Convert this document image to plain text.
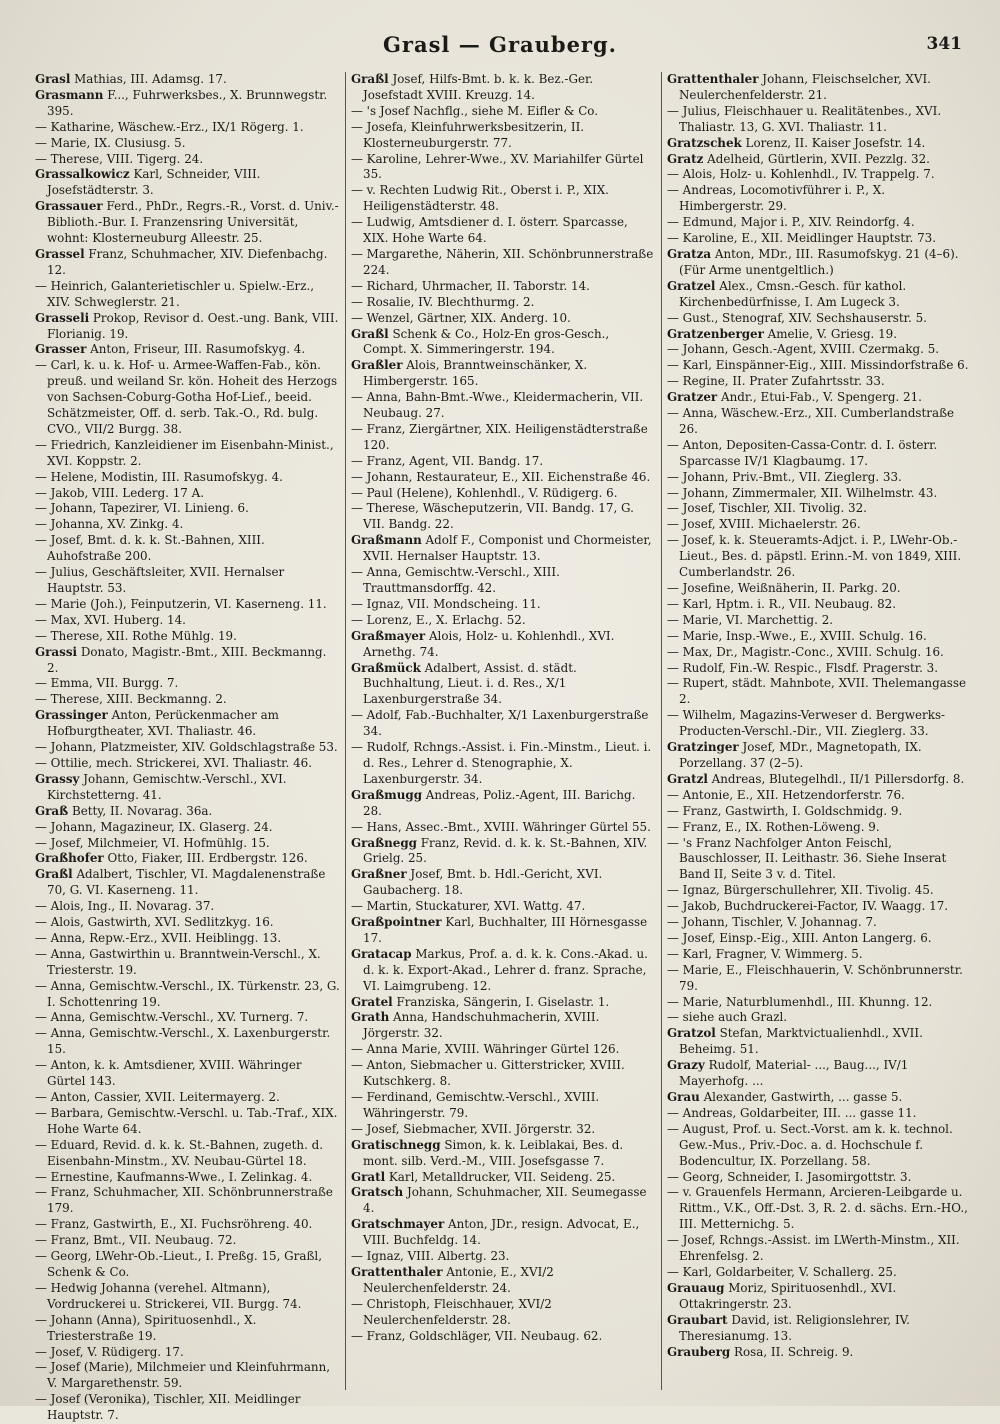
Grasl — Grauberg.	341

Grasl Mathias, III. Adamsg. 17.

Grasmann F..., Fuhrwerksbes., X. Brunnwegstr. 395.

— Katharine, Wäschew.-Erz., IX/1 Rögerg. 1.

— Marie, IX. Clusiusg. 5.

— Therese, VIII. Tigerg. 24.

Grassalkowicz Karl, Schneider, VIII. Josefstädterstr. 3.

Grassauer Ferd., PhDr., Regrs.-R., Vorst. d. Univ.-Biblioth.-Bur. I. Franzensring Universität, wohnt: Klosterneuburg Alleestr. 25.

Grassel Franz, Schuhmacher, XIV. Diefenbachg. 12.

— Heinrich, Galanterietischler u. Spielw.-Erz., XIV. Schweglerstr. 21.

Grasseli Prokop, Revisor d. Oest.-ung. Bank, VIII. Florianig. 19.

Grasser Anton, Friseur, III. Rasumofskyg. 4.

— Carl, k. u. k. Hof- u. Armee-Waffen-Fab., kön. preuß. und weiland Sr. kön. Hoheit des Herzogs von Sachsen-Coburg-Gotha Hof-Lief., beeid. Schätzmeister, Off. d. serb. Tak.-O., Rd. bulg. CVO., VII/2 Burgg. 38.

— Friedrich, Kanzleidiener im Eisenbahn-Minist., XVI. Koppstr. 2.

— Helene, Modistin, III. Rasumofskyg. 4.

— Jakob, VIII. Lederg. 17 A.

— Johann, Tapezirer, VI. Linieng. 6.

— Johanna, XV. Zinkg. 4.

— Josef, Bmt. d. k. k. St.-Bahnen, XIII. Auhofstraße 200.

— Julius, Geschäftsleiter, XVII. Hernalser Hauptstr. 53.

— Marie (Joh.), Feinputzerin, VI. Kaserneng. 11.

— Max, XVI. Huberg. 14.

— Therese, XII. Rothe Mühlg. 19.

Grassi Donato, Magistr.-Bmt., XIII. Beckmanng. 2.

— Emma, VII. Burgg. 7.

— Therese, XIII. Beckmanng. 2.

Grassinger Anton, Perückenmacher am Hofburgtheater, XVI. Thaliastr. 46.

— Johann, Platzmeister, XIV. Goldschlagstraße 53.

— Ottilie, mech. Strickerei, XVI. Thaliastr. 46.

Grassy Johann, Gemischtw.-Verschl., XVI. Kirchstetterng. 41.

Graß Betty, II. Novarag. 36a.

— Johann, Magazineur, IX. Glaserg. 24.

— Josef, Milchmeier, VI. Hofmühlg. 15.

Graßhofer Otto, Fiaker, III. Erdbergstr. 126.

Graßl Adalbert, Tischler, VI. Magdalenenstraße 70, G. VI. Kaserneng. 11.

— Alois, Ing., II. Novarag. 37.

— Alois, Gastwirth, XVI. Sedlitzkyg. 16.

— Anna, Repw.-Erz., XVII. Heiblingg. 13.

— Anna, Gastwirthin u. Branntwein-Verschl., X. Triesterstr. 19.

— Anna, Gemischtw.-Verschl., IX. Türkenstr. 23, G. I. Schottenring 19.

— Anna, Gemischtw.-Verschl., XV. Turnerg. 7.

— Anna, Gemischtw.-Verschl., X. Laxenburgerstr. 15.

— Anton, k. k. Amtsdiener, XVIII. Währinger Gürtel 143.

— Anton, Cassier, XVII. Leitermayerg. 2.

— Barbara, Gemischtw.-Verschl. u. Tab.-Traf., XIX. Hohe Warte 64.

— Eduard, Revid. d. k. k. St.-Bahnen, zugeth. d. Eisenbahn-Minstm., XV. Neubau-Gürtel 18.

— Ernestine, Kaufmanns-Wwe., I. Zelinkag. 4.

— Franz, Schuhmacher, XII. Schönbrunnerstraße 179.

— Franz, Gastwirth, E., XI. Fuchsröhreng. 40.

— Franz, Bmt., VII. Neubaug. 72.

— Georg, LWehr-Ob.-Lieut., I. Preßg. 15, Graßl, Schenk & Co.

— Hedwig Johanna (verehel. Altmann), Vordruckerei u. Strickerei, VII. Burgg. 74.

— Johann (Anna), Spirituosenhdl., X. Triesterstraße 19.

— Josef, V. Rüdigerg. 17.

— Josef (Marie), Milchmeier und Kleinfuhrmann, V. Margarethenstr. 59.

— Josef (Veronika), Tischler, XII. Meidlinger Hauptstr. 7.

Graßl Josef, Hilfs-Bmt. b. k. k. Bez.-Ger. Josefstadt XVIII. Kreuzg. 14.

— 's Josef Nachflg., siehe M. Eifler & Co.

— Josefa, Kleinfuhrwerksbesitzerin, II. Klosterneuburgerstr. 77.

— Karoline, Lehrer-Wwe., XV. Mariahilfer Gürtel 35.

— v. Rechten Ludwig Rit., Oberst i. P., XIX. Heiligenstädterstr. 48.

— Ludwig, Amtsdiener d. I. österr. Sparcasse, XIX. Hohe Warte 64.

— Margarethe, Näherin, XII. Schönbrunnerstraße 224.

— Richard, Uhrmacher, II. Taborstr. 14.

— Rosalie, IV. Blechthurmg. 2.

— Wenzel, Gärtner, XIX. Anderg. 10.

Graßl Schenk & Co., Holz-En gros-Gesch., Compt. X. Simmeringerstr. 194.

Graßler Alois, Branntweinschänker, X. Himbergerstr. 165.

— Anna, Bahn-Bmt.-Wwe., Kleidermacherin, VII. Neubaug. 27.

— Franz, Ziergärtner, XIX. Heiligenstädterstraße 120.

— Franz, Agent, VII. Bandg. 17.

— Johann, Restaurateur, E., XII. Eichenstraße 46.

— Paul (Helene), Kohlenhdl., V. Rüdigerg. 6.

— Therese, Wäscheputzerin, VII. Bandg. 17, G. VII. Bandg. 22.

Graßmann Adolf F., Componist und Chormeister, XVII. Hernalser Hauptstr. 13.

— Anna, Gemischtw.-Verschl., XIII. Trauttmansdorffg. 42.

— Ignaz, VII. Mondscheing. 11.

— Lorenz, E., X. Erlachg. 52.

Graßmayer Alois, Holz- u. Kohlenhdl., XVI. Arnethg. 74.

Graßmück Adalbert, Assist. d. städt. Buchhaltung, Lieut. i. d. Res., X/1 Laxenburgerstraße 34.

— Adolf, Fab.-Buchhalter, X/1 Laxenburgerstraße 34.

— Rudolf, Rchngs.-Assist. i. Fin.-Minstm., Lieut. i. d. Res., Lehrer d. Stenographie, X. Laxenburgerstr. 34.

Graßmugg Andreas, Poliz.-Agent, III. Barichg. 28.

— Hans, Assec.-Bmt., XVIII. Währinger Gürtel 55.

Graßnegg Franz, Revid. d. k. k. St.-Bahnen, XIV. Grielg. 25.

Graßner Josef, Bmt. b. Hdl.-Gericht, XVI. Gaubacherg. 18.

— Martin, Stuckaturer, XVI. Wattg. 47.

Graßpointner Karl, Buchhalter, III Hörnesgasse 17.

Gratacap Markus, Prof. a. d. k. k. Cons.-Akad. u. d. k. k. Export-Akad., Lehrer d. franz. Sprache, VI. Laimgrubeng. 12.

Gratel Franziska, Sängerin, I. Giselastr. 1.

Grath Anna, Handschuhmacherin, XVIII. Jörgerstr. 32.

— Anna Marie, XVIII. Währinger Gürtel 126.

— Anton, Siebmacher u. Gitterstricker, XVIII. Kutschkerg. 8.

— Ferdinand, Gemischtw.-Verschl., XVIII. Währingerstr. 79.

— Josef, Siebmacher, XVII. Jörgerstr. 32.

Gratischnegg Simon, k. k. Leiblakai, Bes. d. mont. silb. Verd.-M., VIII. Josefsgasse 7.

Gratl Karl, Metalldrucker, VII. Seideng. 25.

Gratsch Johann, Schuhmacher, XII. Seumegasse 4.

Gratschmayer Anton, JDr., resign. Advocat, E., VIII. Buchfeldg. 14.

— Ignaz, VIII. Albertg. 23.

Grattenthaler Antonie, E., XVI/2 Neulerchenfelderstr. 24.

— Christoph, Fleischhauer, XVI/2 Neulerchenfelderstr. 28.

— Franz, Goldschläger, VII. Neubaug. 62.

Grattenthaler Johann, Fleischselcher, XVI. Neulerchenfelderstr. 21.

— Julius, Fleischhauer u. Realitätenbes., XVI. Thaliastr. 13, G. XVI. Thaliastr. 11.

Gratzschek Lorenz, II. Kaiser Josefstr. 14.

Gratz Adelheid, Gürtlerin, XVII. Pezzlg. 32.

— Alois, Holz- u. Kohlenhdl., IV. Trappelg. 7.

— Andreas, Locomotivführer i. P., X. Himbergerstr. 29.

— Edmund, Major i. P., XIV. Reindorfg. 4.

— Karoline, E., XII. Meidlinger Hauptstr. 73.

Gratza Anton, MDr., III. Rasumofskyg. 21 (4–6). (Für Arme unentgeltlich.)

Gratzel Alex., Cmsn.-Gesch. für kathol. Kirchenbedürfnisse, I. Am Lugeck 3.

— Gust., Stenograf, XIV. Sechshauserstr. 5.

Gratzenberger Amelie, V. Griesg. 19.

— Johann, Gesch.-Agent, XVIII. Czermakg. 5.

— Karl, Einspänner-Eig., XIII. Missindorfstraße 6.

— Regine, II. Prater Zufahrtsstr. 33.

Gratzer Andr., Etui-Fab., V. Spengerg. 21.

— Anna, Wäschew.-Erz., XII. Cumberlandstraße 26.

— Anton, Depositen-Cassa-Contr. d. I. österr. Sparcasse IV/1 Klagbaumg. 17.

— Johann, Priv.-Bmt., VII. Zieglerg. 33.

— Johann, Zimmermaler, XII. Wilhelmstr. 43.

— Josef, Tischler, XII. Tivolig. 32.

— Josef, XVIII. Michaelerstr. 26.

— Josef, k. k. Steueramts-Adjct. i. P., LWehr-Ob.-Lieut., Bes. d. päpstl. Erinn.-M. von 1849, XIII. Cumberlandstr. 26.

— Josefine, Weißnäherin, II. Parkg. 20.

— Karl, Hptm. i. R., VII. Neubaug. 82.

— Marie, VI. Marchettig. 2.

— Marie, Insp.-Wwe., E., XVIII. Schulg. 16.

— Max, Dr., Magistr.-Conc., XVIII. Schulg. 16.

— Rudolf, Fin.-W. Respic., Flsdf. Pragerstr. 3.

— Rupert, städt. Mahnbote, XVII. Thelemangasse 2.

— Wilhelm, Magazins-Verweser d. Bergwerks-Producten-Verschl.-Dir., VII. Zieglerg. 33.

Gratzinger Josef, MDr., Magnetopath, IX. Porzellang. 37 (2–5).

Gratzl Andreas, Blutegelhdl., II/1 Pillersdorfg. 8.

— Antonie, E., XII. Hetzendorferstr. 76.

— Franz, Gastwirth, I. Goldschmidg. 9.

— Franz, E., IX. Rothen-Löweng. 9.

— 's Franz Nachfolger Anton Feischl, Bauschlosser, II. Leithastr. 36. Siehe Inserat Band II, Seite 3 v. d. Titel.

— Ignaz, Bürgerschullehrer, XII. Tivolig. 45.

— Jakob, Buchdruckerei-Factor, IV. Waagg. 17.

— Johann, Tischler, V. Johannag. 7.

— Josef, Einsp.-Eig., XIII. Anton Langerg. 6.

— Karl, Fragner, V. Wimmerg. 5.

— Marie, E., Fleischhauerin, V. Schönbrunnerstr. 79.

— Marie, Naturblumenhdl., III. Khunng. 12.

— siehe auch Grazl.

Gratzol Stefan, Marktvictualienhdl., XVII. Beheimg. 51.

Grazy Rudolf, Material- ..., Baug..., IV/1 Mayerhofg. ...

Grau Alexander, Gastwirth, ... gasse 5.

— Andreas, Goldarbeiter, III. ... gasse 11.

— August, Prof. u. Sect.-Vorst. am k. k. technol. Gew.-Mus., Priv.-Doc. a. d. Hochschule f. Bodencultur, IX. Porzellang. 58.

— Georg, Schneider, I. Jasomirgottstr. 3.

— v. Grauenfels Hermann, Arcieren-Leibgarde u. Rittm., V.K., Off.-Dst. 3, R. 2. d. sächs. Ern.-HO., III. Metternichg. 5.

— Josef, Rchngs.-Assist. im LWerth-Minstm., XII. Ehrenfelsg. 2.

— Karl, Goldarbeiter, V. Schallerg. 25.

Grauaug Moriz, Spirituosenhdl., XVI. Ottakringerstr. 23.

Graubart David, ist. Religionslehrer, IV. Theresianumg. 13.

Grauberg Rosa, II. Schreig. 9.
